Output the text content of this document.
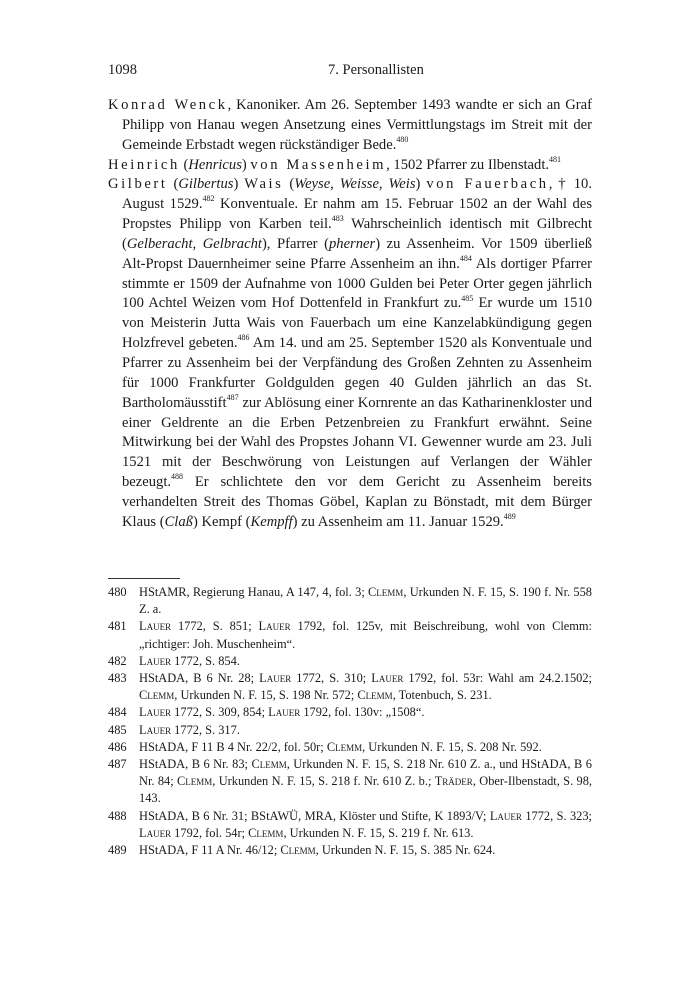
1098	7. Personallisten

Konrad Wenck, Kanoniker. Am 26. September 1493 wandte er sich an Graf Philipp von Hanau wegen Ansetzung eines Vermittlungstags im Streit mit der Gemeinde Erbstadt wegen rückständiger Bede.$^{480}$

Heinrich (Henricus) von Massenheim, 1502 Pfarrer zu Ilbenstadt.$^{481}$

Gilbert (Gilbertus) Wais (Weyse, Weisse, Weis) von Fauerbach, † 10. August 1529.$^{482}$ Konventuale. Er nahm am 15. Februar 1502 an der Wahl des Propstes Philipp von Karben teil.$^{483}$ Wahrscheinlich identisch mit Gilbrecht (Gelberacht, Gelbracht), Pfarrer (pherner) zu Assenheim. Vor 1509 überließ Alt-Propst Dauernheimer seine Pfarre Assenheim an ihn.$^{484}$ Als dortiger Pfarrer stimmte er 1509 der Aufnahme von 1000 Gulden bei Peter Orter gegen jährlich 100 Achtel Weizen vom Hof Dottenfeld in Frankfurt zu.$^{485}$ Er wurde um 1510 von Meisterin Jutta Wais von Fauerbach um eine Kanzelabkündigung gegen Holzfrevel gebeten.$^{486}$ Am 14. und am 25. September 1520 als Konventuale und Pfarrer zu Assenheim bei der Verpfändung des Großen Zehnten zu Assenheim für 1000 Frankfurter Goldgulden gegen 40 Gulden jährlich an das St. Bartholomäusstift$^{487}$ zur Ablösung einer Kornrente an das Katharinenkloster und einer Geldrente an die Erben Petzenbreien zu Frankfurt erwähnt. Seine Mitwirkung bei der Wahl des Propstes Johann VI. Gewenner wurde am 23. Juli 1521 mit der Beschwörung von Leistungen auf Verlangen der Wähler bezeugt.$^{488}$ Er schlichtete den vor dem Gericht zu Assenheim bereits verhandelten Streit des Thomas Göbel, Kaplan zu Bönstadt, mit dem Bürger Klaus (Claß) Kempf (Kempff) zu Assenheim am 11. Januar 1529.$^{489}$

480	HStAMR, Regierung Hanau, A 147, 4, fol. 3; Clemm, Urkunden N. F. 15, S. 190 f. Nr. 558 Z. a.
481	Lauer 1772, S. 851; Lauer 1792, fol. 125v, mit Beischreibung, wohl von Clemm: „richtiger: Joh. Muschenheim“.
482	Lauer 1772, S. 854.
483	HStADA, B 6 Nr. 28; Lauer 1772, S. 310; Lauer 1792, fol. 53r: Wahl am 24.2.1502; Clemm, Urkunden N. F. 15, S. 198 Nr. 572; Clemm, Totenbuch, S. 231.
484	Lauer 1772, S. 309, 854; Lauer 1792, fol. 130v: „1508“.
485	Lauer 1772, S. 317.
486	HStADA, F 11 B 4 Nr. 22/2, fol. 50r; Clemm, Urkunden N. F. 15, S. 208 Nr. 592.
487	HStADA, B 6 Nr. 83; Clemm, Urkunden N. F. 15, S. 218 Nr. 610 Z. a., und HStADA, B 6 Nr. 84; Clemm, Urkunden N. F. 15, S. 218 f. Nr. 610 Z. b.; Träder, Ober-Ilbenstadt, S. 98, 143.
488	HStADA, B 6 Nr. 31; BStAWÜ, MRA, Klöster und Stifte, K 1893/V; Lauer 1772, S. 323; Lauer 1792, fol. 54r; Clemm, Urkunden N. F. 15, S. 219 f. Nr. 613.
489	HStADA, F 11 A Nr. 46/12; Clemm, Urkunden N. F. 15, S. 385 Nr. 624.
